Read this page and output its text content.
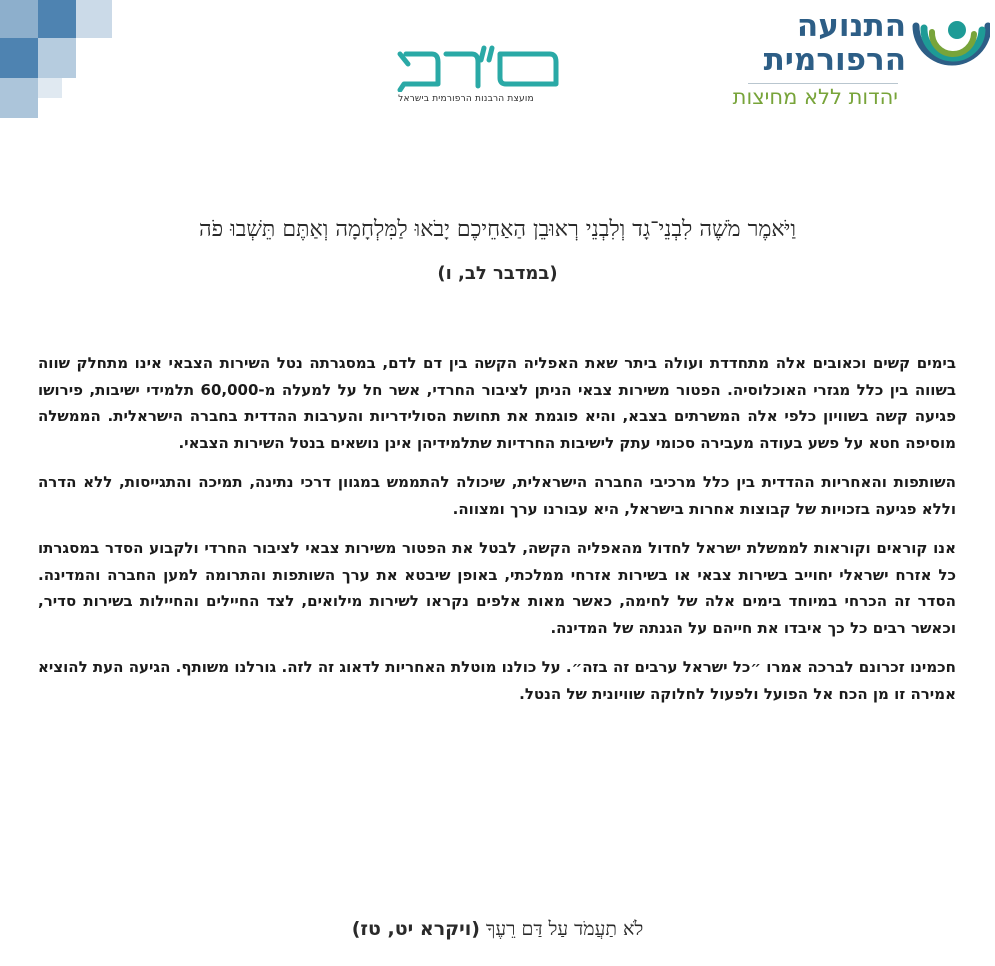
מועצת הרבנות הרפורמית בישראל
התנועה
הרפורמית
יהדות ללא מחיצות
וַיֹּאמֶר מֹשֶׁה לִבְנֵי־גָד וְלִבְנֵי רְאוּבֵן הַאַחֵיכֶם יָבֹאוּ לַמִּלְחָמָה וְאַתֶּם תֵּשְׁבוּ פֹה
(במדבר לב, ו)

בימים קשים וכאובים אלה מתחדדת ועולה ביתר שאת האפליה הקשה בין דם לדם, במסגרתה נטל השירות הצבאי אינו מתחלק שווה בשווה בין כלל מגזרי האוכלוסיה. הפטור משירות צבאי הניתן לציבור החרדי, אשר חל על למעלה מ-60,000 תלמידי ישיבות, פירושו פגיעה קשה בשוויון כלפי אלה המשרתים בצבא, והיא פוגמת את תחושת הסולידריות והערבות ההדדית בחברה הישראלית. הממשלה מוסיפה חטא על פשע בעודה מעבירה סכומי עתק לישיבות החרדיות שתלמידיהן אינן נושאים בנטל השירות הצבאי.

השותפות והאחריות ההדדית בין כלל מרכיבי החברה הישראלית, שיכולה להתממש במגוון דרכי נתינה, תמיכה והתגייסות, ללא הדרה וללא פגיעה בזכויות של קבוצות אחרות בישראל, היא עבורנו ערך ומצווה.

אנו קוראים וקוראות לממשלת ישראל לחדול מהאפליה הקשה, לבטל את הפטור משירות צבאי לציבור החרדי ולקבוע הסדר במסגרתו כל אזרח ישראלי יחוייב בשירות צבאי או בשירות אזרחי ממלכתי, באופן שיבטא את ערך השותפות והתרומה למען החברה והמדינה. הסדר זה הכרחי במיוחד בימים אלה של לחימה, כאשר מאות אלפים נקראו לשירות מילואים, לצד החיילים והחיילות בשירות סדיר, וכאשר רבים כל כך איבדו את חייהם על הגנתה של המדינה.

חכמינו זכרונם לברכה אמרו ״כל ישראל ערבים זה בזה״. על כולנו מוטלת האחריות לדאוג זה לזה. גורלנו משותף. הגיעה העת להוציא אמירה זו מן הכח אל הפועל ולפעול לחלוקה שוויונית של הנטל.

לֹא תַעֲמֹד עַל דַּם רֵעֶךָ (ויקרא יט, טז)
